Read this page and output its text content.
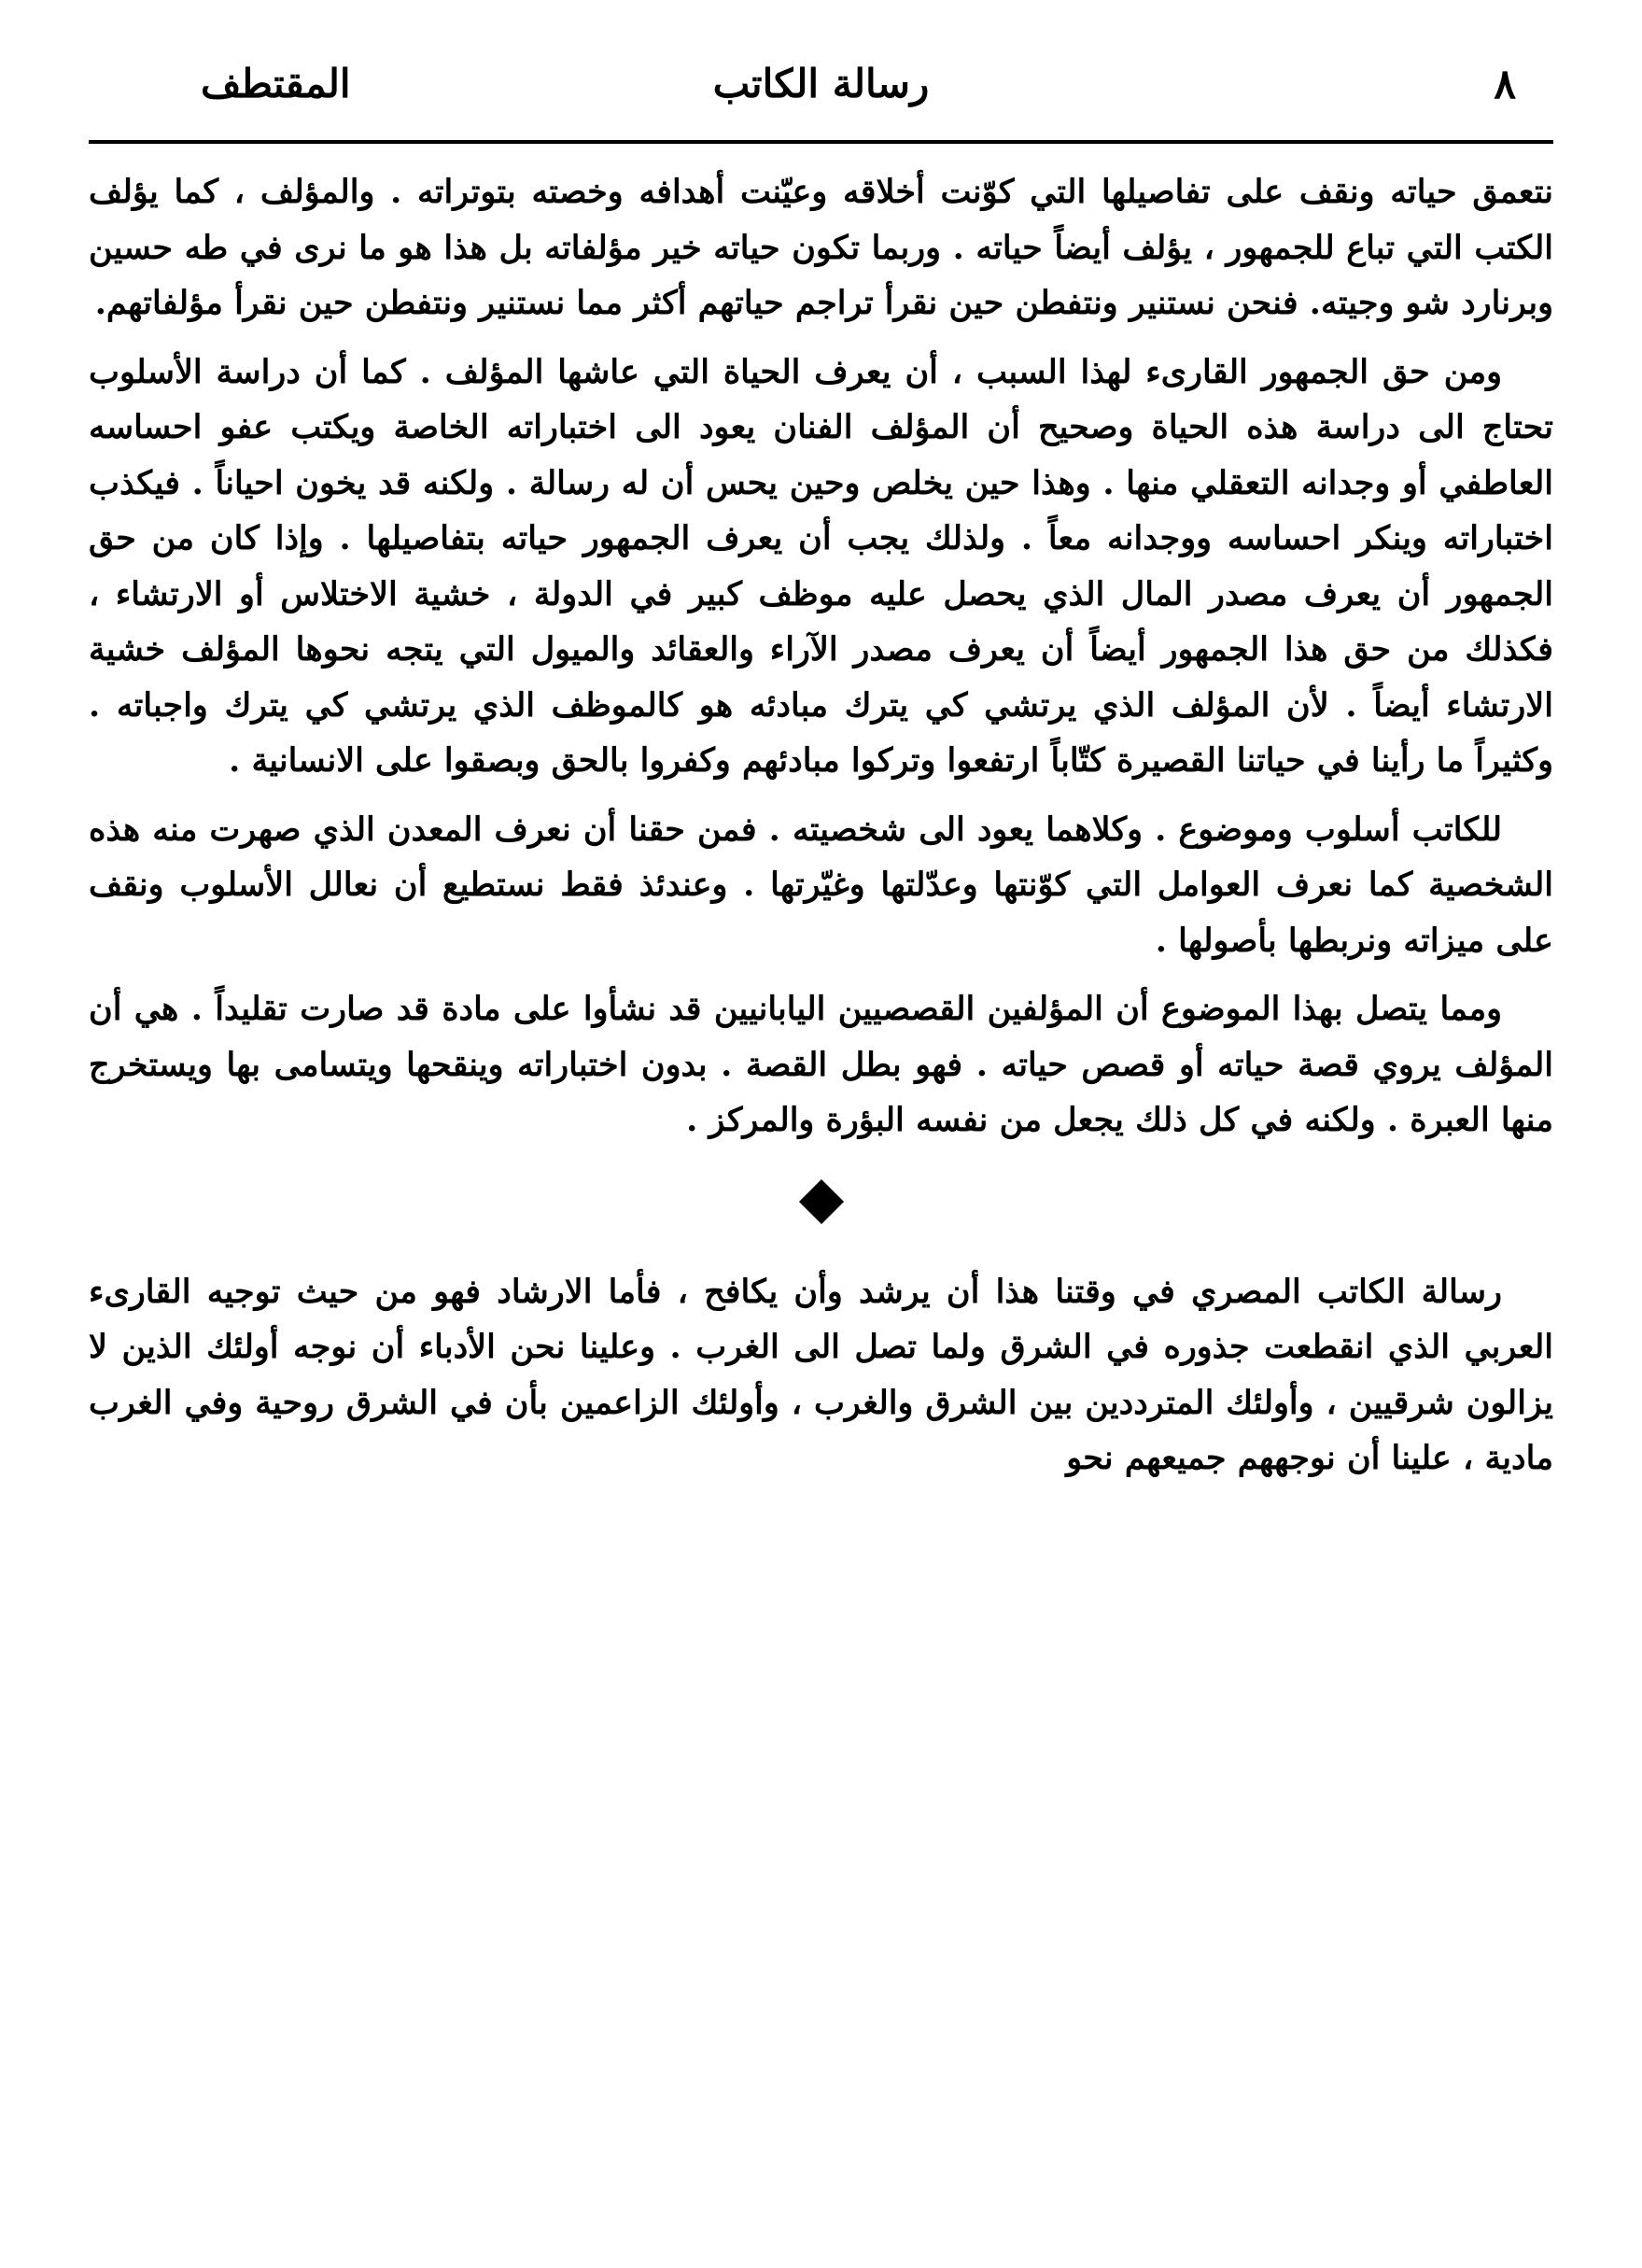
٨
رسالة الكاتب
المقتطف

نتعمق حياته ونقف على تفاصيلها التي كوّنت أخلاقه وعيّنت أهدافه وخصته بتوتراته . والمؤلف ، كما يؤلف الكتب التي تباع للجمهور ، يؤلف أيضاً حياته . وربما تكون حياته خير مؤلفاته بل هذا هو ما نرى في طه حسين وبرنارد شو وجيته. فنحن نستنير ونتفطن حين نقرأ تراجم حياتهم أكثر مما نستنير ونتفطن حين نقرأ مؤلفاتهم.

ومن حق الجمهور القارىء لهذا السبب ، أن يعرف الحياة التي عاشها المؤلف . كما أن دراسة الأسلوب تحتاج الى دراسة هذه الحياة وصحيح أن المؤلف الفنان يعود الى اختباراته الخاصة ويكتب عفو احساسه العاطفي أو وجدانه التعقلي منها . وهذا حين يخلص وحين يحس أن له رسالة . ولكنه قد يخون احياناً . فيكذب اختباراته وينكر احساسه ووجدانه معاً . ولذلك يجب أن يعرف الجمهور حياته بتفاصيلها . وإذا كان من حق الجمهور أن يعرف مصدر المال الذي يحصل عليه موظف كبير في الدولة ، خشية الاختلاس أو الارتشاء ، فكذلك من حق هذا الجمهور أيضاً أن يعرف مصدر الآراء والعقائد والميول التي يتجه نحوها المؤلف خشية الارتشاء أيضاً . لأن المؤلف الذي يرتشي كي يترك مبادئه هو كالموظف الذي يرتشي كي يترك واجباته . وكثيراً ما رأينا في حياتنا القصيرة كتّاباً ارتفعوا وتركوا مبادئهم وكفروا بالحق وبصقوا على الانسانية .

للكاتب أسلوب وموضوع . وكلاهما يعود الى شخصيته . فمن حقنا أن نعرف المعدن الذي صهرت منه هذه الشخصية كما نعرف العوامل التي كوّنتها وعدّلتها وغيّرتها . وعندئذ فقط نستطيع أن نعالل الأسلوب ونقف على ميزاته ونربطها بأصولها .

ومما يتصل بهذا الموضوع أن المؤلفين القصصيين اليابانيين قد نشأوا على مادة قد صارت تقليداً . هي أن المؤلف يروي قصة حياته أو قصص حياته . فهو بطل القصة . بدون اختباراته وينقحها ويتسامى بها ويستخرج منها العبرة . ولكنه في كل ذلك يجعل من نفسه البؤرة والمركز .

رسالة الكاتب المصري في وقتنا هذا أن يرشد وأن يكافح ، فأما الارشاد فهو من حيث توجيه القارىء العربي الذي انقطعت جذوره في الشرق ولما تصل الى الغرب . وعلينا نحن الأدباء أن نوجه أولئك الذين لا يزالون شرقيين ، وأولئك المترددين بين الشرق والغرب ، وأولئك الزاعمين بأن في الشرق روحية وفي الغرب مادية ، علينا أن نوجههم جميعهم نحو
